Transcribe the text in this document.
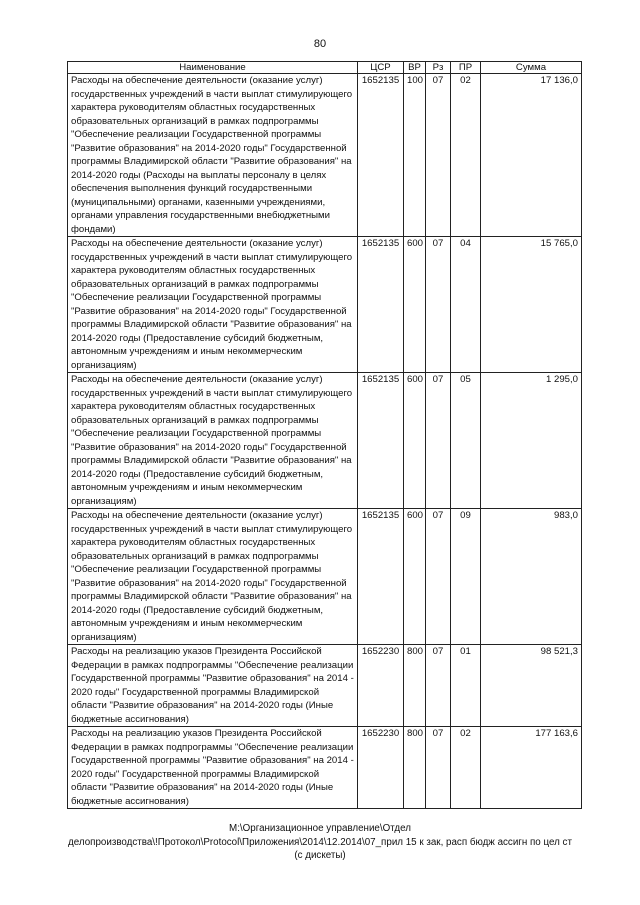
80
Наименование	ЦСР	ВР	Рз	ПР	Сумма
Расходы на обеспечение деятельности (оказание услуг) государственных учреждений в части выплат стимулирующего характера руководителям областных государственных образовательных организаций в рамках подпрограммы "Обеспечение реализации Государственной программы "Развитие образования" на 2014-2020 годы" Государственной программы Владимирской области "Развитие образования" на 2014-2020 годы (Расходы на выплаты персоналу в целях обеспечения выполнения функций государственными (муниципальными) органами, казенными учреждениями, органами управления государственными внебюджетными фондами)	1652135	100	07	02	17 136,0
Расходы на обеспечение деятельности (оказание услуг) государственных учреждений в части выплат стимулирующего характера руководителям областных государственных образовательных организаций в рамках подпрограммы "Обеспечение реализации Государственной программы "Развитие образования" на 2014-2020 годы" Государственной программы Владимирской области "Развитие образования" на 2014-2020 годы (Предоставление субсидий бюджетным, автономным учреждениям и иным некоммерческим организациям)	1652135	600	07	04	15 765,0
Расходы на обеспечение деятельности (оказание услуг) государственных учреждений в части выплат стимулирующего характера руководителям областных государственных образовательных организаций в рамках подпрограммы "Обеспечение реализации Государственной программы "Развитие образования" на 2014-2020 годы" Государственной программы Владимирской области "Развитие образования" на 2014-2020 годы (Предоставление субсидий бюджетным, автономным учреждениям и иным некоммерческим организациям)	1652135	600	07	05	1 295,0
Расходы на обеспечение деятельности (оказание услуг) государственных учреждений в части выплат стимулирующего характера руководителям областных государственных образовательных организаций в рамках подпрограммы "Обеспечение реализации Государственной программы "Развитие образования" на 2014-2020 годы" Государственной программы Владимирской области "Развитие образования" на 2014-2020 годы (Предоставление субсидий бюджетным, автономным учреждениям и иным некоммерческим организациям)	1652135	600	07	09	983,0
Расходы на реализацию указов Президента Российской Федерации в рамках подпрограммы "Обеспечение реализации Государственной программы "Развитие образования" на 2014 - 2020 годы" Государственной программы Владимирской области "Развитие образования" на 2014-2020 годы (Иные бюджетные ассигнования)	1652230	800	07	01	98 521,3
Расходы на реализацию указов Президента Российской Федерации в рамках подпрограммы "Обеспечение реализации Государственной программы "Развитие образования" на 2014 - 2020 годы" Государственной программы Владимирской области "Развитие образования" на 2014-2020 годы (Иные бюджетные ассигнования)	1652230	800	07	02	177 163,6
M:\Организационное управление\Отдел
делопроизводства\!Протокол\Protocol\Приложения\2014\12.2014\07_прил 15 к зак, расп бюдж ассигн по цел ст
(с дискеты)
